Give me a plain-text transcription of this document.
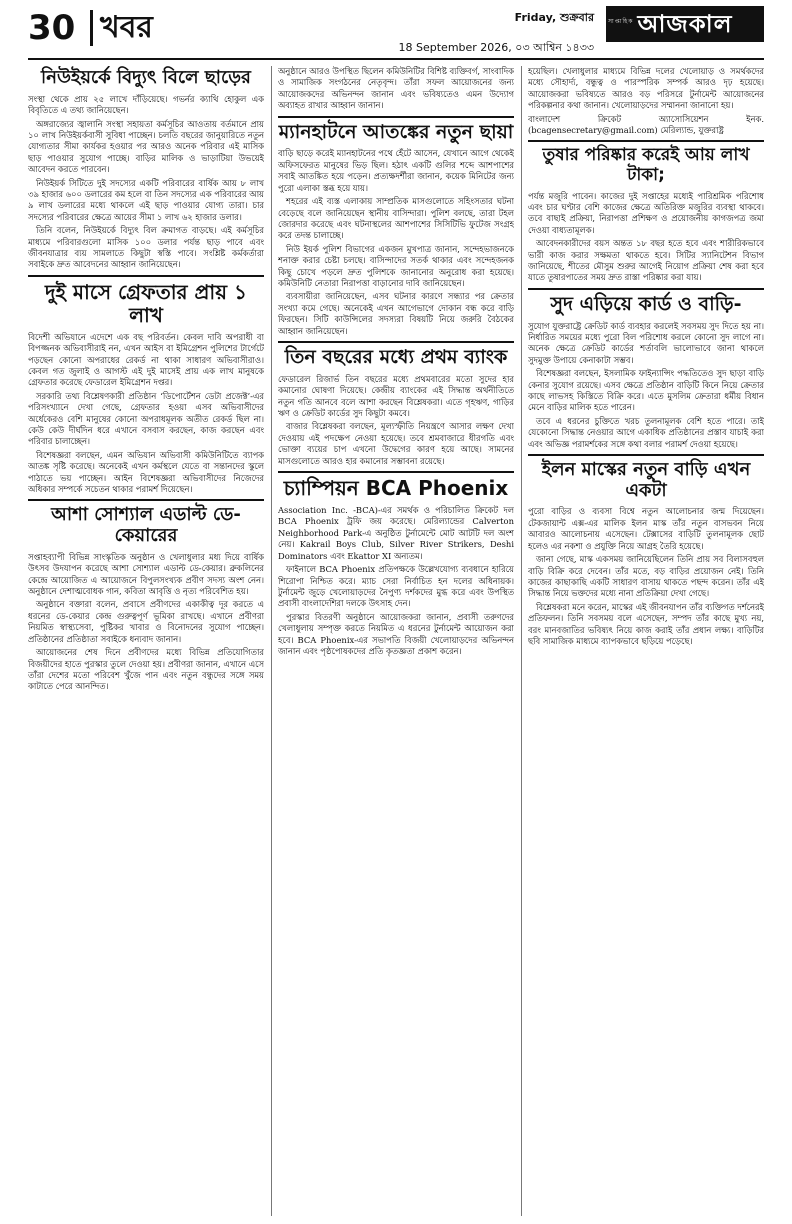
30 খবর	Friday, শুক্রবার
18 September 2026, ০৩ আশ্বিন ১৪৩৩
সাপ্তাহিক আজকাল
নিউইয়র্কে বিদ্যুৎ বিলে ছাড়ের

সংস্থা থেকে প্রায় ২৫ লাখে দাঁড়িয়েছে। গভর্নর ক্যাথি হোকুল এক বিবৃতিতে এ তথ্য জানিয়েছেন।

অঙ্গরাজ্যের জ্বালানি সংস্থা সহায়তা কর্মসূচির আওতায় বর্তমানে প্রায় ১০ লাখ নিউইয়র্কবাসী সুবিধা পাচ্ছেন। চলতি বছরের জানুয়ারিতে নতুন যোগ্যতার সীমা কার্যকর হওয়ার পর আরও অনেক পরিবার এই মাসিক ছাড় পাওয়ার সুযোগ পাচ্ছে। বাড়ির মালিক ও ভাড়াটিয়া উভয়েই আবেদন করতে পারবেন।

নিউইয়র্ক সিটিতে দুই সদস্যের একটি পরিবারের বার্ষিক আয় ৮ লাখ ৩৯ হাজার ৬০০ ডলারের কম হলে বা তিন সদস্যের এক পরিবারের আয় ৯ লাখ ডলারের মধ্যে থাকলে এই ছাড় পাওয়ার যোগ্য তারা। চার সদস্যের পরিবারের ক্ষেত্রে আয়ের সীমা ১ লাখ ৬২ হাজার ডলার।

তিনি বলেন, নিউইয়র্কে বিদ্যুৎ বিল ক্রমাগত বাড়ছে। এই কর্মসূচির মাধ্যমে পরিবারগুলো মাসিক ১০০ ডলার পর্যন্ত ছাড় পাবে এবং জীবনযাত্রার ব্যয় সামলাতে কিছুটা স্বস্তি পাবে। সংশ্লিষ্ট কর্মকর্তারা সবাইকে দ্রুত আবেদনের আহ্বান জানিয়েছেন।

দুই মাসে গ্রেফতার প্রায় ১ লাখ

বিদেশী অভিযানে এদেশে এক বছ পরিবর্তন। কেবল দাবি অপরাধী বা বিপজ্জনক অভিবাসীরাই নন, এখন আইস বা ইমিগ্রেশন পুলিশের টার্গেটে পড়ছেন কোনো অপরাধের রেকর্ড না থাকা সাধারণ অভিবাসীরাও। কেবল গত জুলাই ও আগস্ট এই দুই মাসেই প্রায় এক লাখ মানুষকে গ্রেফতার করেছে ফেডারেল ইমিগ্রেশন দপ্তর।

সরকারি তথ্য বিশ্লেষণকারী প্রতিষ্ঠান ‘ডিপোর্টেশন ডেটা প্রজেক্ট’-এর পরিসংখ্যানে দেখা গেছে, গ্রেফতার হওয়া এসব অভিবাসীদের অর্ধেকেরও বেশি মানুষের কোনো অপরাধমূলক অতীত রেকর্ড ছিল না। কেউ কেউ দীর্ঘদিন ধরে এখানে বসবাস করছেন, কাজ করছেন এবং পরিবার চালাচ্ছেন।

বিশেষজ্ঞরা বলছেন, এমন অভিযান অভিবাসী কমিউনিটিতে ব্যাপক আতঙ্ক সৃষ্টি করেছে। অনেকেই এখন কর্মস্থলে যেতে বা সন্তানদের স্কুলে পাঠাতে ভয় পাচ্ছেন। আইন বিশেষজ্ঞরা অভিবাসীদের নিজেদের অধিকার সম্পর্কে সচেতন থাকার পরামর্শ দিয়েছেন।

আশা সোশ্যাল এডাল্ট ডে-কেয়ারের

সপ্তাহব্যাপী বিভিন্ন সাংস্কৃতিক অনুষ্ঠান ও খেলাধুলার মধ্য দিয়ে বার্ষিক উৎসব উদযাপন করেছে আশা সোশ্যাল এডাল্ট ডে-কেয়ার। ব্রুকলিনের কেন্দ্রে আয়োজিত এ আয়োজনে বিপুলসংখ্যক প্রবীণ সদস্য অংশ নেন। অনুষ্ঠানে দেশাত্মবোধক গান, কবিতা আবৃত্তি ও নৃত্য পরিবেশিত হয়।

অনুষ্ঠানে বক্তারা বলেন, প্রবাসে প্রবীণদের একাকীত্ব দূর করতে এ ধরনের ডে-কেয়ার কেন্দ্র গুরুত্বপূর্ণ ভূমিকা রাখছে। এখানে প্রবীণরা নিয়মিত স্বাস্থ্যসেবা, পুষ্টিকর খাবার ও বিনোদনের সুযোগ পাচ্ছেন। প্রতিষ্ঠানের প্রতিষ্ঠাতা সবাইকে ধন্যবাদ জানান।

আয়োজনের শেষ দিনে প্রবীণদের মধ্যে বিভিন্ন প্রতিযোগিতার বিজয়ীদের হাতে পুরস্কার তুলে দেওয়া হয়। প্রবীণরা জানান, এখানে এসে তাঁরা দেশের মতো পরিবেশ খুঁজে পান এবং নতুন বন্ধুদের সঙ্গে সময় কাটাতে পেরে আনন্দিত।

অনুষ্ঠানে আরও উপস্থিত ছিলেন কমিউনিটির বিশিষ্ট ব্যক্তিবর্গ, সাংবাদিক ও সামাজিক সংগঠনের নেতৃবৃন্দ। তাঁরা সফল আয়োজনের জন্য আয়োজকদের অভিনন্দন জানান এবং ভবিষ্যতেও এমন উদ্যোগ অব্যাহত রাখার আহ্বান জানান।

ম্যানহাটনে আতঙ্কের নতুন ছায়া

বাড়ি ছাড়ে করেই ম্যানহাটনের পথে হেঁটে আসেন, যেখানে আগে থেকেই অফিসফেরত মানুষের ভিড় ছিল। হঠাৎ একটি গুলির শব্দে আশপাশের সবাই আতঙ্কিত হয়ে পড়েন। প্রত্যক্ষদর্শীরা জানান, কয়েক মিনিটের জন্য পুরো এলাকা স্তব্ধ হয়ে যায়।

শহরের এই ব্যস্ত এলাকায় সাম্প্রতিক মাসগুলোতে সহিংসতার ঘটনা বেড়েছে বলে জানিয়েছেন স্থানীয় বাসিন্দারা। পুলিশ বলছে, তারা টহল জোরদার করেছে এবং ঘটনাস্থলের আশপাশের সিসিটিভি ফুটেজ সংগ্রহ করে তদন্ত চালাচ্ছে।

নিউ ইয়র্ক পুলিশ বিভাগের একজন মুখপাত্র জানান, সন্দেহভাজনকে শনাক্ত করার চেষ্টা চলছে। বাসিন্দাদের সতর্ক থাকার এবং সন্দেহজনক কিছু চোখে পড়লে দ্রুত পুলিশকে জানানোর অনুরোধ করা হয়েছে। কমিউনিটি নেতারা নিরাপত্তা বাড়ানোর দাবি জানিয়েছেন।

ব্যবসায়ীরা জানিয়েছেন, এসব ঘটনার কারণে সন্ধ্যার পর ক্রেতার সংখ্যা কমে গেছে। অনেকেই এখন আগেভাগে দোকান বন্ধ করে বাড়ি ফিরছেন। সিটি কাউন্সিলের সদস্যরা বিষয়টি নিয়ে জরুরি বৈঠকের আহ্বান জানিয়েছেন।

তিন বছরের মধ্যে প্রথম ব্যাংক

ফেডারেল রিজার্ভ তিন বছরের মধ্যে প্রথমবারের মতো সুদের হার কমানোর ঘোষণা দিয়েছে। কেন্দ্রীয় ব্যাংকের এই সিদ্ধান্ত অর্থনীতিতে নতুন গতি আনবে বলে আশা করছেন বিশ্লেষকরা। এতে গৃহঋণ, গাড়ির ঋণ ও ক্রেডিট কার্ডের সুদ কিছুটা কমবে।

বাজার বিশ্লেষকরা বলছেন, মূল্যস্ফীতি নিয়ন্ত্রণে আসার লক্ষণ দেখা দেওয়ায় এই পদক্ষেপ নেওয়া হয়েছে। তবে শ্রমবাজারে ধীরগতি এবং ভোক্তা ব্যয়ের চাপ এখনো উদ্বেগের কারণ হয়ে আছে। সামনের মাসগুলোতে আরও হার কমানোর সম্ভাবনা রয়েছে।

চ্যাম্পিয়ন BCA Phoenix

Association Inc. -BCA)-এর সমর্থক ও পরিচালিত ক্রিকেট দল BCA Phoenix ট্রফি জয় করেছে। মেরিল্যান্ডের Calverton Neighborhood Park-এ অনুষ্ঠিত টুর্নামেন্টে মোট আটটি দল অংশ নেয়। Kakrail Boys Club, Silver River Strikers, Deshi Dominators এবং Ekattor XI অন্যতম।

ফাইনালে BCA Phoenix প্রতিপক্ষকে উল্লেখযোগ্য ব্যবধানে হারিয়ে শিরোপা নিশ্চিত করে। ম্যাচ সেরা নির্বাচিত হন দলের অধিনায়ক। টুর্নামেন্ট জুড়ে খেলোয়াড়দের নৈপুণ্য দর্শকদের মুগ্ধ করে এবং উপস্থিত প্রবাসী বাংলাদেশিরা দলকে উৎসাহ দেন।

পুরস্কার বিতরণী অনুষ্ঠানে আয়োজকরা জানান, প্রবাসী তরুণদের খেলাধুলায় সম্পৃক্ত করতে নিয়মিত এ ধরনের টুর্নামেন্ট আয়োজন করা হবে। BCA Phoenix-এর সভাপতি বিজয়ী খেলোয়াড়দের অভিনন্দন জানান এবং পৃষ্ঠপোষকদের প্রতি কৃতজ্ঞতা প্রকাশ করেন।

হয়েছিল। খেলাধুলার মাধ্যমে বিভিন্ন দলের খেলোয়াড় ও সমর্থকদের মধ্যে সৌহার্দ্য, বন্ধুত্ব ও পারস্পরিক সম্পর্ক আরও দৃঢ় হয়েছে। আয়োজকরা ভবিষ্যতে আরও বড় পরিসরে টুর্নামেন্ট আয়োজনের পরিকল্পনার কথা জানান। খেলোয়াড়দের সম্মাননা জানানো হয়।

বাংলাদেশ ক্রিকেট অ্যাসোসিয়েশন ইনক. (bcagensecretary@gmail.com) মেরিল্যান্ড, যুক্তরাষ্ট্র

তুষার পরিষ্কার করেই আয় লাখ টাকা;

পর্যন্ত মজুরি পাবেন। কাজের দুই সপ্তাহের মধ্যেই পারিশ্রমিক পরিশোধ এবং চার ঘণ্টার বেশি কাজের ক্ষেত্রে অতিরিক্ত মজুরির ব্যবস্থা থাকবে। তবে বাছাই প্রক্রিয়া, নিরাপত্তা প্রশিক্ষণ ও প্রয়োজনীয় কাগজপত্র জমা দেওয়া বাধ্যতামূলক।

আবেদনকারীদের বয়স অন্তত ১৮ বছর হতে হবে এবং শারীরিকভাবে ভারী কাজ করার সক্ষমতা থাকতে হবে। সিটির স্যানিটেশন বিভাগ জানিয়েছে, শীতের মৌসুম শুরুর আগেই নিয়োগ প্রক্রিয়া শেষ করা হবে যাতে তুষারপাতের সময় দ্রুত রাস্তা পরিষ্কার করা যায়।

সুদ এড়িয়ে কার্ড ও বাড়ি-

সুযোগ যুক্তরাষ্ট্রে ক্রেডিট কার্ড ব্যবহার করলেই সবসময় সুদ দিতে হয় না। নির্ধারিত সময়ের মধ্যে পুরো বিল পরিশোধ করলে কোনো সুদ লাগে না। অনেক ক্ষেত্রে ক্রেডিট কার্ডের শর্তাবলি ভালোভাবে জানা থাকলে সুদমুক্ত উপায়ে কেনাকাটা সম্ভব।

বিশেষজ্ঞরা বলছেন, ইসলামিক ফাইন্যান্সিং পদ্ধতিতেও সুদ ছাড়া বাড়ি কেনার সুযোগ রয়েছে। এসব ক্ষেত্রে প্রতিষ্ঠান বাড়িটি কিনে নিয়ে ক্রেতার কাছে লাভসহ কিস্তিতে বিক্রি করে। এতে মুসলিম ক্রেতারা ধর্মীয় বিধান মেনে বাড়ির মালিক হতে পারেন।

তবে এ ধরনের চুক্তিতে খরচ তুলনামূলক বেশি হতে পারে। তাই যেকোনো সিদ্ধান্ত নেওয়ার আগে একাধিক প্রতিষ্ঠানের প্রস্তাব যাচাই করা এবং অভিজ্ঞ পরামর্শকের সঙ্গে কথা বলার পরামর্শ দেওয়া হয়েছে।

ইলন মাস্কের নতুন বাড়ি এখন একটা

পুরো বাড়ির ও ব্যবসা বিশ্বে নতুন আলোচনার জন্ম দিয়েছেন। টেকজায়ান্ট এক্স-এর মালিক ইলন মাস্ক তাঁর নতুন বাসভবন নিয়ে আবারও আলোচনায় এসেছেন। টেক্সাসের বাড়িটি তুলনামূলক ছোট হলেও এর নকশা ও প্রযুক্তি নিয়ে আগ্রহ তৈরি হয়েছে।

জানা গেছে, মাস্ক একসময় জানিয়েছিলেন তিনি প্রায় সব বিলাসবহুল বাড়ি বিক্রি করে দেবেন। তাঁর মতে, বড় বাড়ির প্রয়োজন নেই। তিনি কাজের কাছাকাছি একটি সাধারণ বাসায় থাকতে পছন্দ করেন। তাঁর এই সিদ্ধান্ত নিয়ে ভক্তদের মধ্যে নানা প্রতিক্রিয়া দেখা গেছে।

বিশ্লেষকরা মনে করেন, মাস্কের এই জীবনযাপন তাঁর ব্যক্তিগত দর্শনেরই প্রতিফলন। তিনি সবসময় বলে এসেছেন, সম্পদ তাঁর কাছে মুখ্য নয়, বরং মানবজাতির ভবিষ্যৎ নিয়ে কাজ করাই তাঁর প্রধান লক্ষ্য। বাড়িটির ছবি সামাজিক মাধ্যমে ব্যাপকভাবে ছড়িয়ে পড়েছে।
